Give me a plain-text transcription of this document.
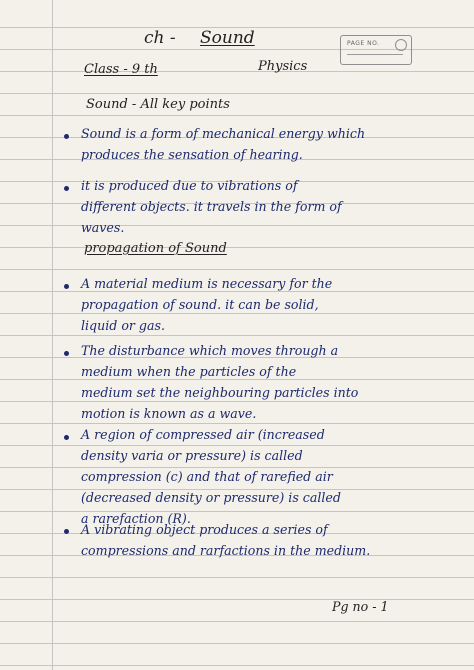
ch - Sound	PAGE NO.
Class - 9 th	Physics
Sound - All key points
Sound is a form of mechanical energy which
produces the sensation of hearing.
it is produced due to vibrations of
different objects. it travels in the form of
waves.
propagation of Sound
A material medium is necessary for the
propagation of sound. it can be solid,
liquid or gas.
The disturbance which moves through a
medium when the particles of the
medium set the neighbouring particles into
motion is known as a wave.
A region of compressed air (increased
density varia or pressure) is called
compression (c) and that of rarefied air
(decreased density or pressure) is called
a rarefaction (R).
A vibrating object produces a series of
compressions and rarfactions in the medium.
Pg no - 1
